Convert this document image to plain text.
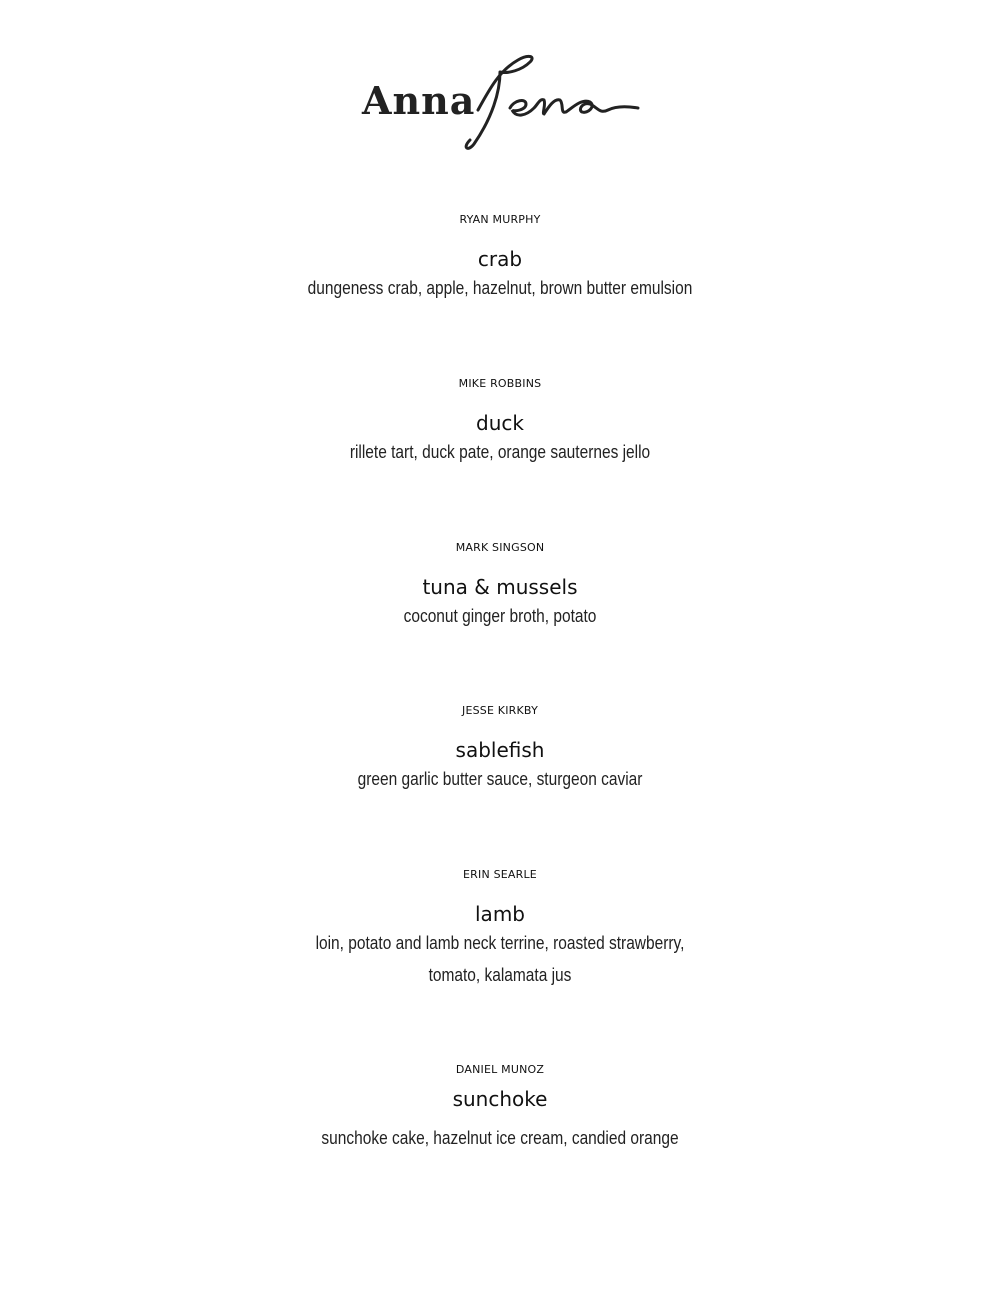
Anna	Lena
RYAN MURPHY
crab
dungeness crab, apple, hazelnut, brown butter emulsion
MIKE ROBBINS
duck
rillete tart, duck pate, orange sauternes jello
MARK SINGSON
tuna & mussels
coconut ginger broth, potato
JESSE KIRKBY
sablefish
green garlic butter sauce, sturgeon caviar
ERIN SEARLE
lamb
loin, potato and lamb neck terrine, roasted strawberry,
tomato, kalamata jus
DANIEL MUNOZ
sunchoke
sunchoke cake, hazelnut ice cream, candied orange
